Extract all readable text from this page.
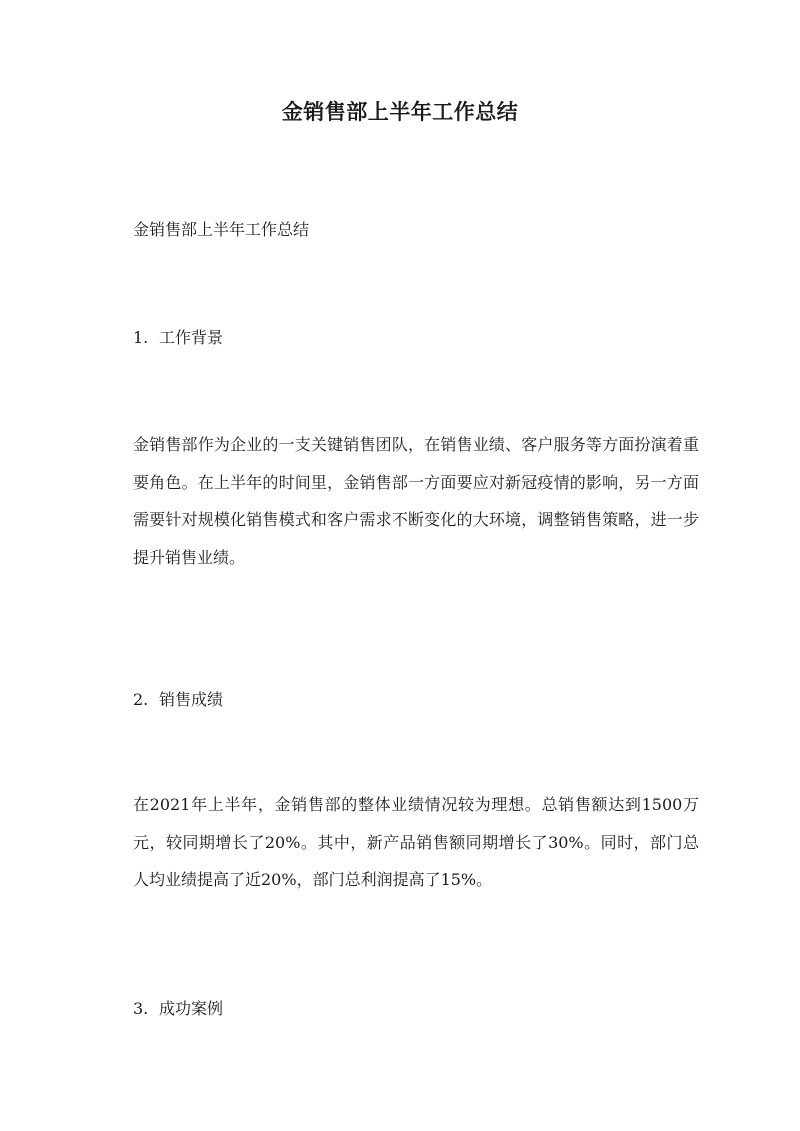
金销售部上半年工作总结
金销售部上半年工作总结
1. 工作背景
金销售部作为企业的一支关键销售团队，在销售业绩、客户服务等方面扮演着重要角色。在上半年的时间里，金销售部一方面要应对新冠疫情的影响，另一方面需要针对规模化销售模式和客户需求不断变化的大环境，调整销售策略，进一步提升销售业绩。
2. 销售成绩
在2021年上半年，金销售部的整体业绩情况较为理想。总销售额达到1500万元，较同期增长了20%。其中，新产品销售额同期增长了30%。同时，部门总人均业绩提高了近20%，部门总利润提高了15%。
3. 成功案例
